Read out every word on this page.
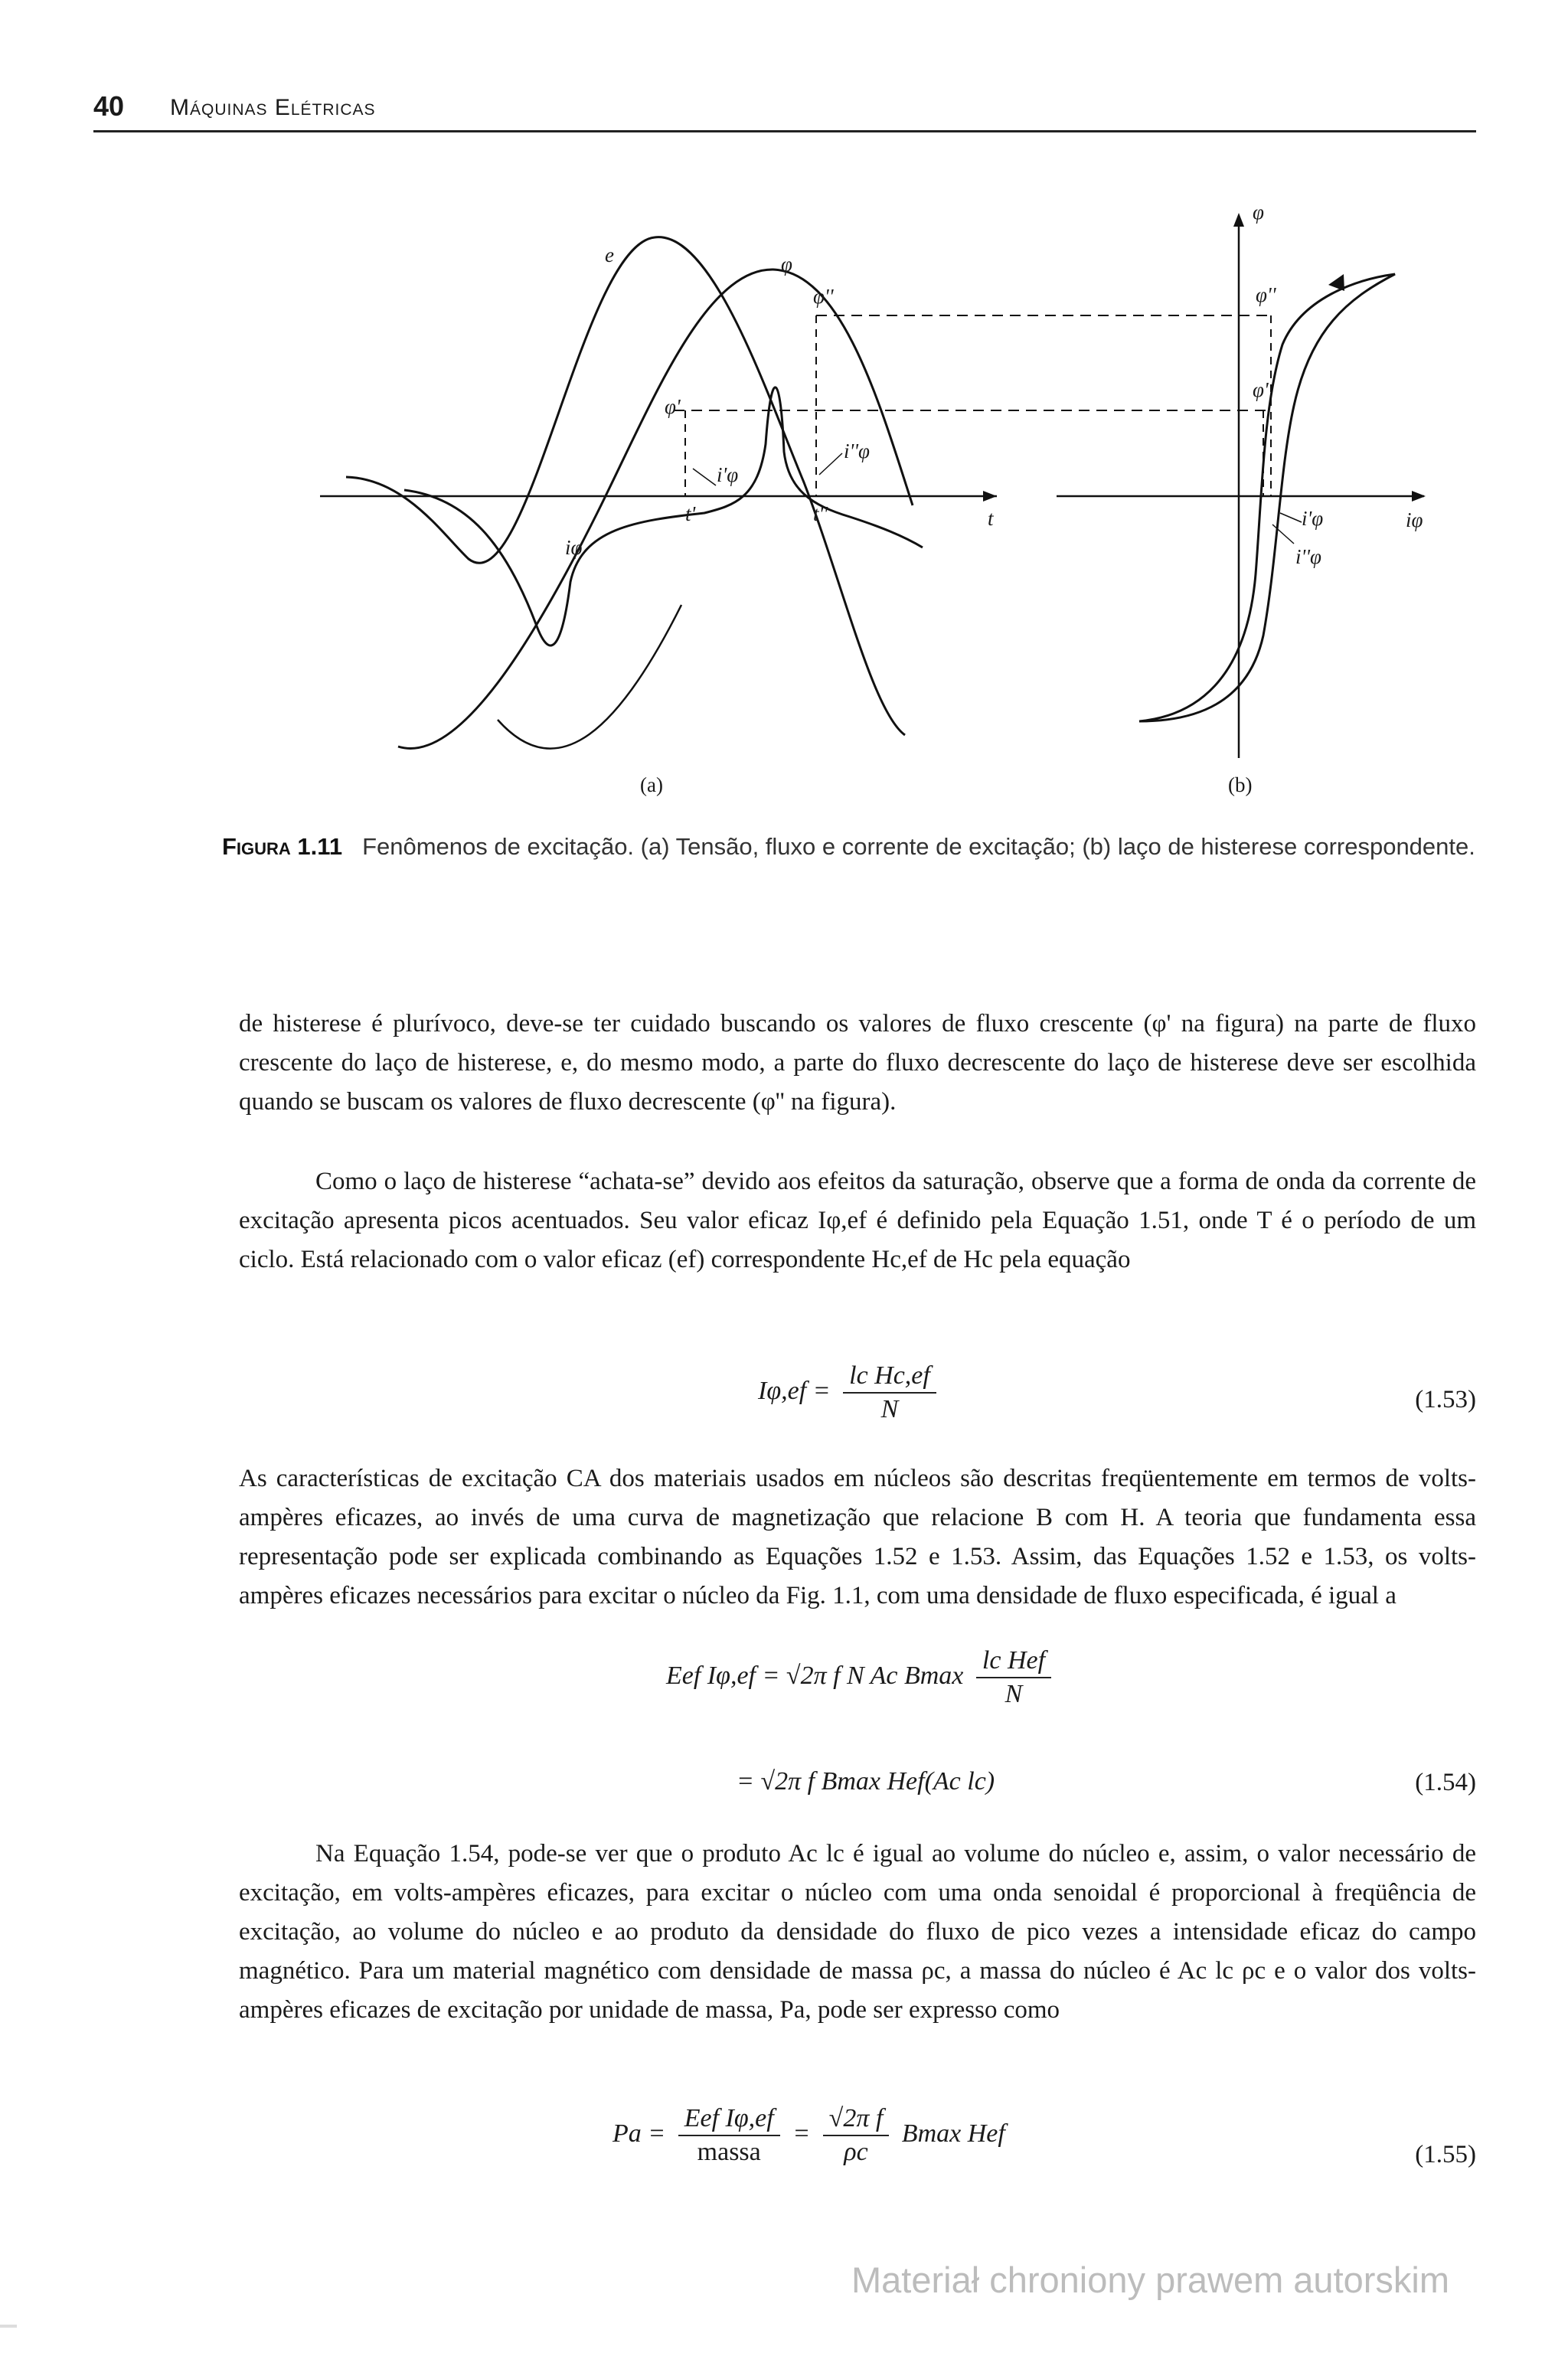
40 Máquinas Elétricas
e	φ
φ'
φ''
iφ
i'φ
i''φ
t'	t''	t
(a)
φ
φ''
φ'
i'φ
i''φ
iφ
(b)
Figura 1.11 Fenômenos de excitação. (a) Tensão, fluxo e corrente de excitação; (b) laço de histerese correspondente.

de histerese é plurívoco, deve-se ter cuidado buscando os valores de fluxo crescente (φ' na figura) na parte de fluxo crescente do laço de histerese, e, do mesmo modo, a parte do fluxo decrescente do laço de histerese deve ser escolhida quando se buscam os valores de fluxo decrescente (φ'' na figura).

Como o laço de histerese “achata-se” devido aos efeitos da saturação, observe que a forma de onda da corrente de excitação apresenta picos acentuados. Seu valor eficaz Iφ,ef é definido pela Equação 1.51, onde T é o período de um ciclo. Está relacionado com o valor eficaz (ef) correspondente Hc,ef de Hc pela equação

$I\varphi,ef = \frac{\text{lc Hc,ef}}{N}$	(1.53)

As características de excitação CA dos materiais usados em núcleos são descritas freqüentemente em termos de volts-ampères eficazes, ao invés de uma curva de magnetização que relacione B com H. A teoria que fundamenta essa representação pode ser explicada combinando as Equações 1.52 e 1.53. Assim, das Equações 1.52 e 1.53, os volts-ampères eficazes necessários para excitar o núcleo da Fig. 1.1, com uma densidade de fluxo especificada, é igual a

Eef Iφ,ef = √2π f N Ac Bmax $\frac{\text{lc Hef}}{N}$
= √2π f Bmax Hef(Ac lc)	(1.54)

Na Equação 1.54, pode-se ver que o produto Ac lc é igual ao volume do núcleo e, assim, o valor necessário de excitação, em volts-ampères eficazes, para excitar o núcleo com uma onda senoidal é proporcional à freqüência de excitação, ao volume do núcleo e ao produto da densidade do fluxo de pico vezes a intensidade eficaz do campo magnético. Para um material magnético com densidade de massa ρc, a massa do núcleo é Ac lc ρc e o valor dos volts-ampères eficazes de excitação por unidade de massa, Pa, pode ser expresso como

$Pa = \frac{\text{Eef Iφ,ef}}{\text{massa}} = \frac{\text{√2π f}}{\rho c}$ Bmax Hef
(1.55)
Materiał chroniony prawem autorskim
